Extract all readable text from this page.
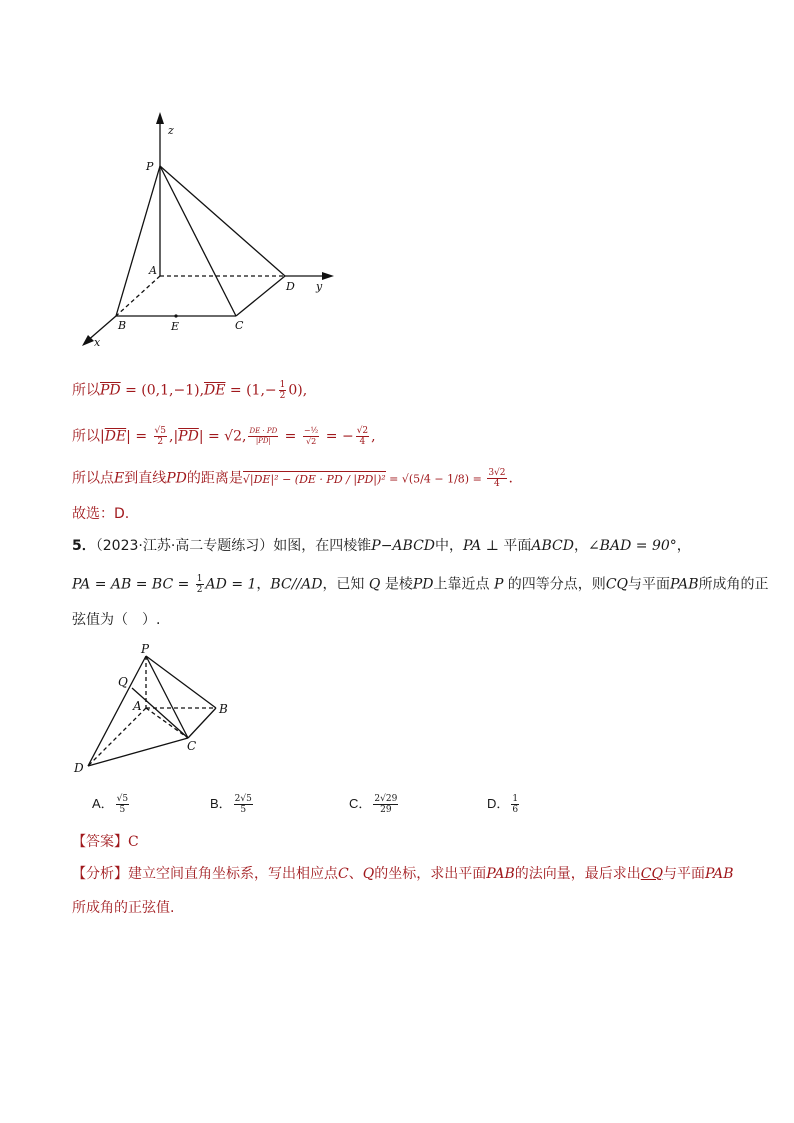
z
P
A
D y
B	E	C
x
所以$\overline{PD} = (0,1,-1),\overline{DE} = (1,- \frac{1}{2} 0)$,
所以$|\overline{DE}| = \frac{√5}{2} ,|\overline{PD}| = √2$, $\frac{DE \cdot PD}{|PD|} = \frac{\text{−½}}{√2}$ = − $\frac{√2}{4}$ ,
所以点E到直线PD的距离是√|DE|² − (DE · PD / $|PD|)^2 = √(5/4 - 1/8) = \frac{3√2}{4}$ .
故选：D.
5．（2023·江苏·高二专题练习）如图，在四棱锥P−ABCD中，PA ⊥ 平面ABCD，∠BAD = 90°，
PA = AB = BC = $\frac{1}{2}$ AD = 1，BC//AD，已知 Q 是棱PD上靠近点 P 的四等分点，则CQ与平面PAB所成角的正
弦值为（　）.
P
Q
A	B
C
D
A． $\frac{√5}{5}$	B． $\frac{2√5}{5}$	C． $\frac{2√29}{29}$	D． $\frac{1}{6}$
【答案】C
【分析】建立空间直角坐标系，写出相应点C、Q的坐标，求出平面PAB的法向量，最后求出CQ与平面PAB
所成角的正弦值.
